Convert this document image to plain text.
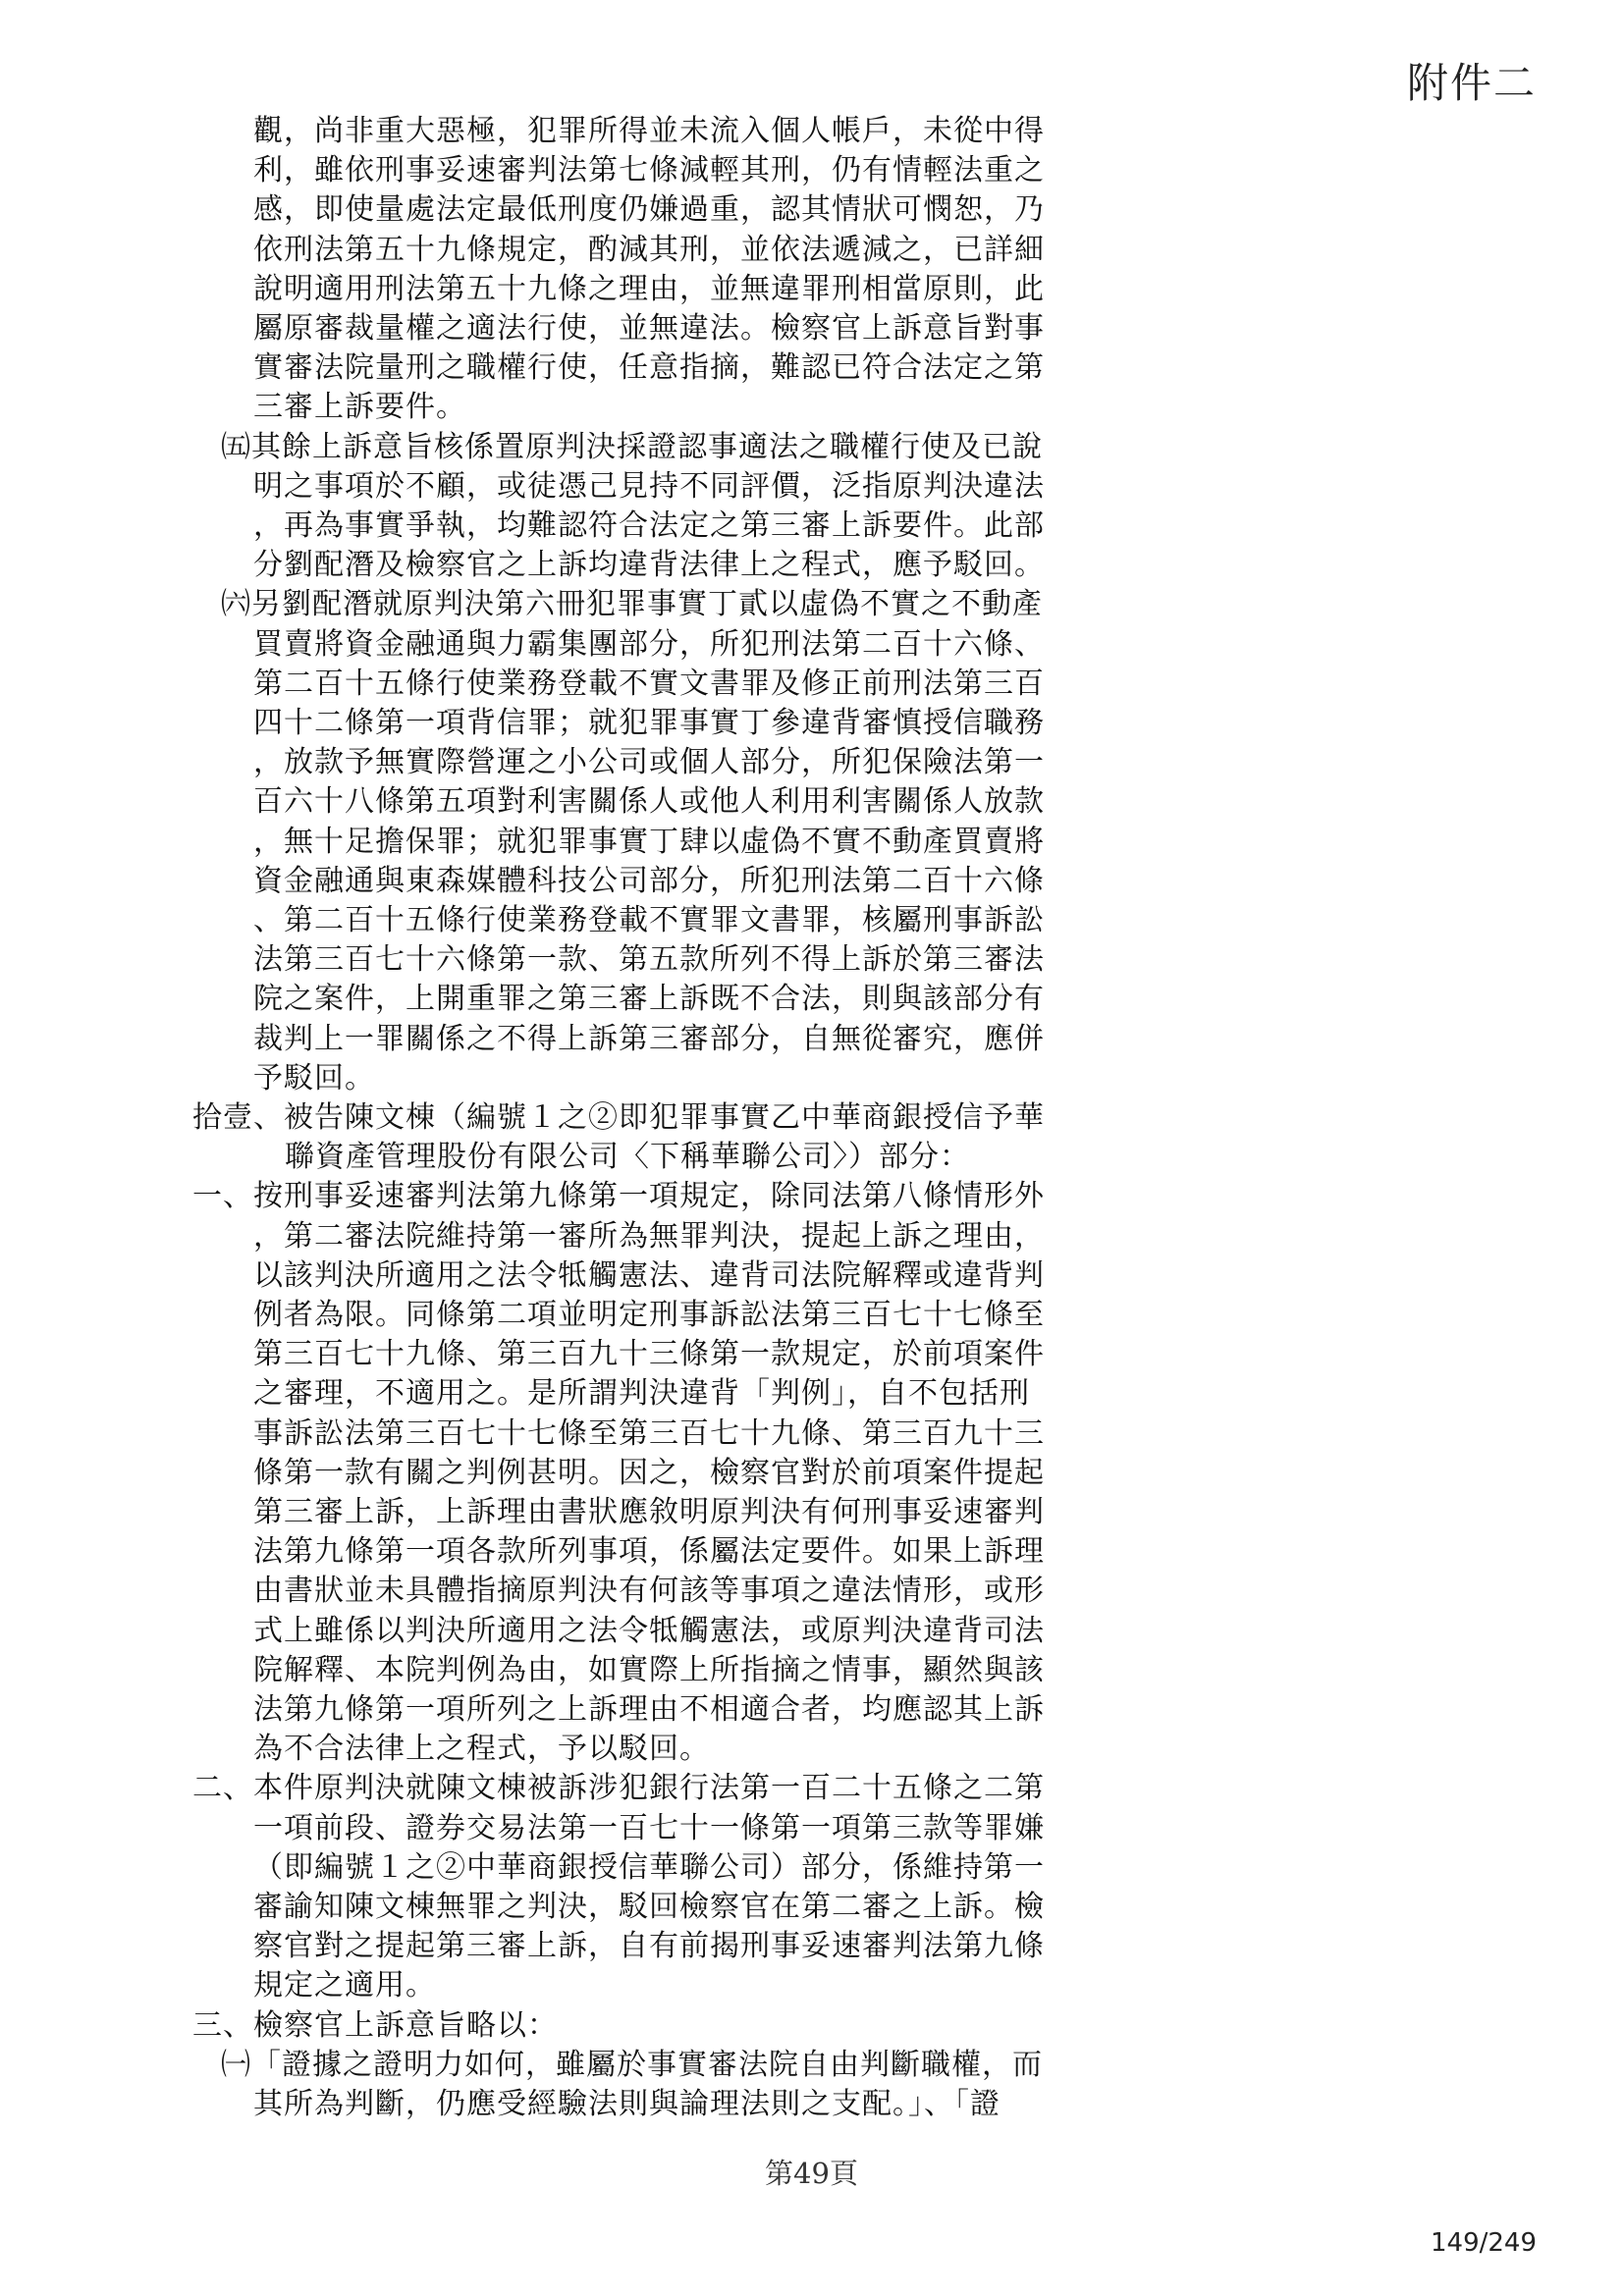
附件二
觀，尚非重大惡極，犯罪所得並未流入個人帳戶，未從中得
利，雖依刑事妥速審判法第七條減輕其刑，仍有情輕法重之
感，即使量處法定最低刑度仍嫌過重，認其情狀可憫恕，乃
依刑法第五十九條規定，酌減其刑，並依法遞減之，已詳細
說明適用刑法第五十九條之理由，並無違罪刑相當原則，此
屬原審裁量權之適法行使，並無違法。檢察官上訴意旨對事
實審法院量刑之職權行使，任意指摘，難認已符合法定之第
三審上訴要件。
㈤其餘上訴意旨核係置原判決採證認事適法之職權行使及已說
明之事項於不顧，或徒憑己見持不同評價，泛指原判決違法
，再為事實爭執，均難認符合法定之第三審上訴要件。此部
分劉配潛及檢察官之上訴均違背法律上之程式，應予駁回。
㈥另劉配潛就原判決第六冊犯罪事實丁貳以虛偽不實之不動產
買賣將資金融通與力霸集團部分，所犯刑法第二百十六條、
第二百十五條行使業務登載不實文書罪及修正前刑法第三百
四十二條第一項背信罪；就犯罪事實丁參違背審慎授信職務
，放款予無實際營運之小公司或個人部分，所犯保險法第一
百六十八條第五項對利害關係人或他人利用利害關係人放款
，無十足擔保罪；就犯罪事實丁肆以虛偽不實不動產買賣將
資金融通與東森媒體科技公司部分，所犯刑法第二百十六條
、第二百十五條行使業務登載不實罪文書罪，核屬刑事訴訟
法第三百七十六條第一款、第五款所列不得上訴於第三審法
院之案件，上開重罪之第三審上訴既不合法，則與該部分有
裁判上一罪關係之不得上訴第三審部分，自無從審究，應併
予駁回。
拾壹、被告陳文棟（編號１之②即犯罪事實乙中華商銀授信予華
聯資產管理股份有限公司〈下稱華聯公司〉）部分：
一、按刑事妥速審判法第九條第一項規定，除同法第八條情形外
，第二審法院維持第一審所為無罪判決，提起上訴之理由，
以該判決所適用之法令牴觸憲法、違背司法院解釋或違背判
例者為限。同條第二項並明定刑事訴訟法第三百七十七條至
第三百七十九條、第三百九十三條第一款規定，於前項案件
之審理，不適用之。是所謂判決違背「判例」，自不包括刑
事訴訟法第三百七十七條至第三百七十九條、第三百九十三
條第一款有關之判例甚明。因之，檢察官對於前項案件提起
第三審上訴，上訴理由書狀應敘明原判決有何刑事妥速審判
法第九條第一項各款所列事項，係屬法定要件。如果上訴理
由書狀並未具體指摘原判決有何該等事項之違法情形，或形
式上雖係以判決所適用之法令牴觸憲法，或原判決違背司法
院解釋、本院判例為由，如實際上所指摘之情事，顯然與該
法第九條第一項所列之上訴理由不相適合者，均應認其上訴
為不合法律上之程式，予以駁回。
二、本件原判決就陳文棟被訴涉犯銀行法第一百二十五條之二第
一項前段、證券交易法第一百七十一條第一項第三款等罪嫌
（即編號１之②中華商銀授信華聯公司）部分，係維持第一
審諭知陳文棟無罪之判決，駁回檢察官在第二審之上訴。檢
察官對之提起第三審上訴，自有前揭刑事妥速審判法第九條
規定之適用。
三、檢察官上訴意旨略以：
㈠「證據之證明力如何，雖屬於事實審法院自由判斷職權，而
其所為判斷，仍應受經驗法則與論理法則之支配。」、「證
第49頁
149/249
